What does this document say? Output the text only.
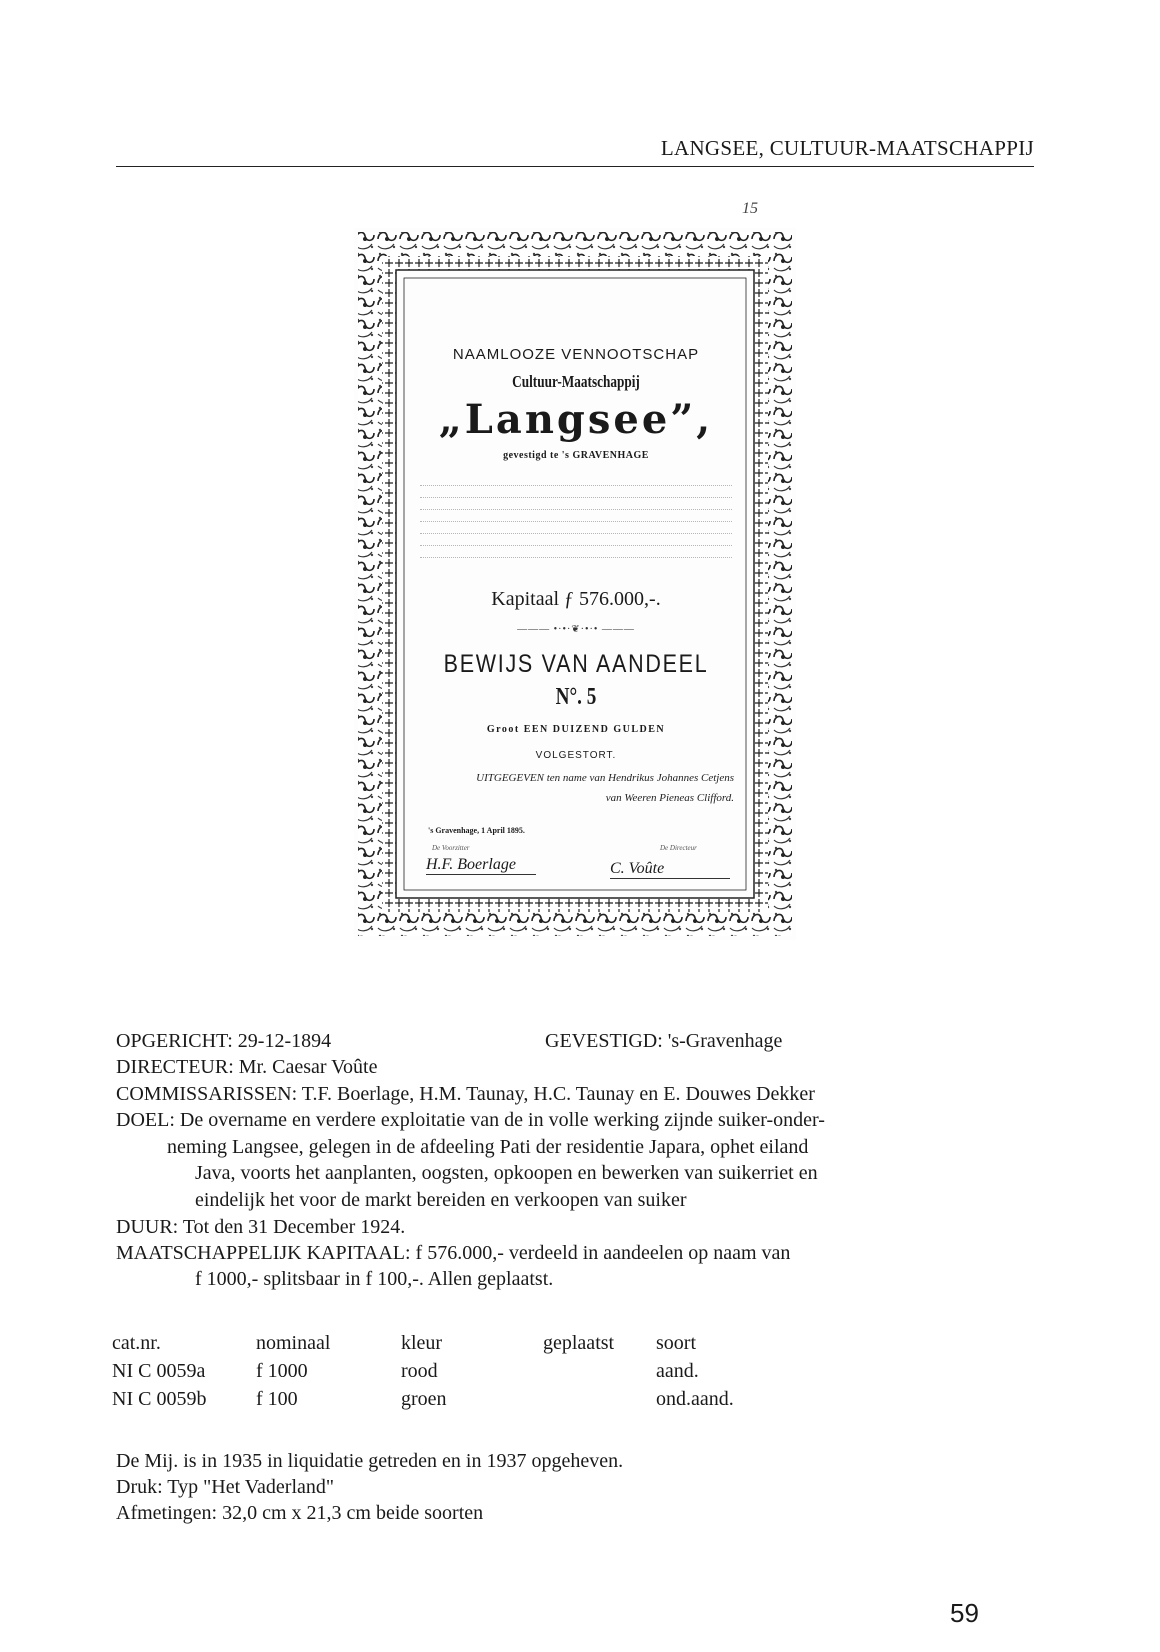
LANGSEE, CULTUUR-MAATSCHAPPIJ
15
NAAMLOOZE VENNOOTSCHAP
Cultuur-Maatschappij
„Langsee”,
gevestigd te 's GRAVENHAGE
Kapitaal ƒ 576.000,-.
——— •·•·❦·•·• ———
BEWIJS VAN AANDEEL
N°. 5
Groot EEN DUIZEND GULDEN
VOLGESTORT.
UITGEGEVEN ten name van Hendrikus Johannes Cetjens
van Weeren Pieneas Clifford.
's Gravenhage, 1 April 1895.
De Voorzitter
H.F. Boerlage
De Directeur
C. Voûte
OPGERICHT: 29-12-1894	GEVESTIGD: 's-Gravenhage
DIRECTEUR: Mr. Caesar Voûte
COMMISSARISSEN: T.F. Boerlage, H.M. Taunay, H.C. Taunay en E. Douwes Dekker
DOEL: De overname en verdere exploitatie van de in volle werking zijnde suiker-onder-
neming Langsee, gelegen in de afdeeling Pati der residentie Japara, ophet eiland
Java, voorts het aanplanten, oogsten, opkoopen en bewerken van suikerriet en
eindelijk het voor de markt bereiden en verkoopen van suiker
DUUR: Tot den 31 December 1924.
MAATSCHAPPELIJK KAPITAAL: f 576.000,- verdeeld in aandeelen op naam van
f 1000,- splitsbaar in f 100,-. Allen geplaatst.
cat.nr.	nominaal	kleur	geplaatst	soort
NI C 0059a	f 1000	rood		aand.
NI C 0059b	f 100	groen		ond.aand.
De Mij. is in 1935 in liquidatie getreden en in 1937 opgeheven.
Druk: Typ "Het Vaderland"
Afmetingen: 32,0 cm x 21,3 cm beide soorten
59
